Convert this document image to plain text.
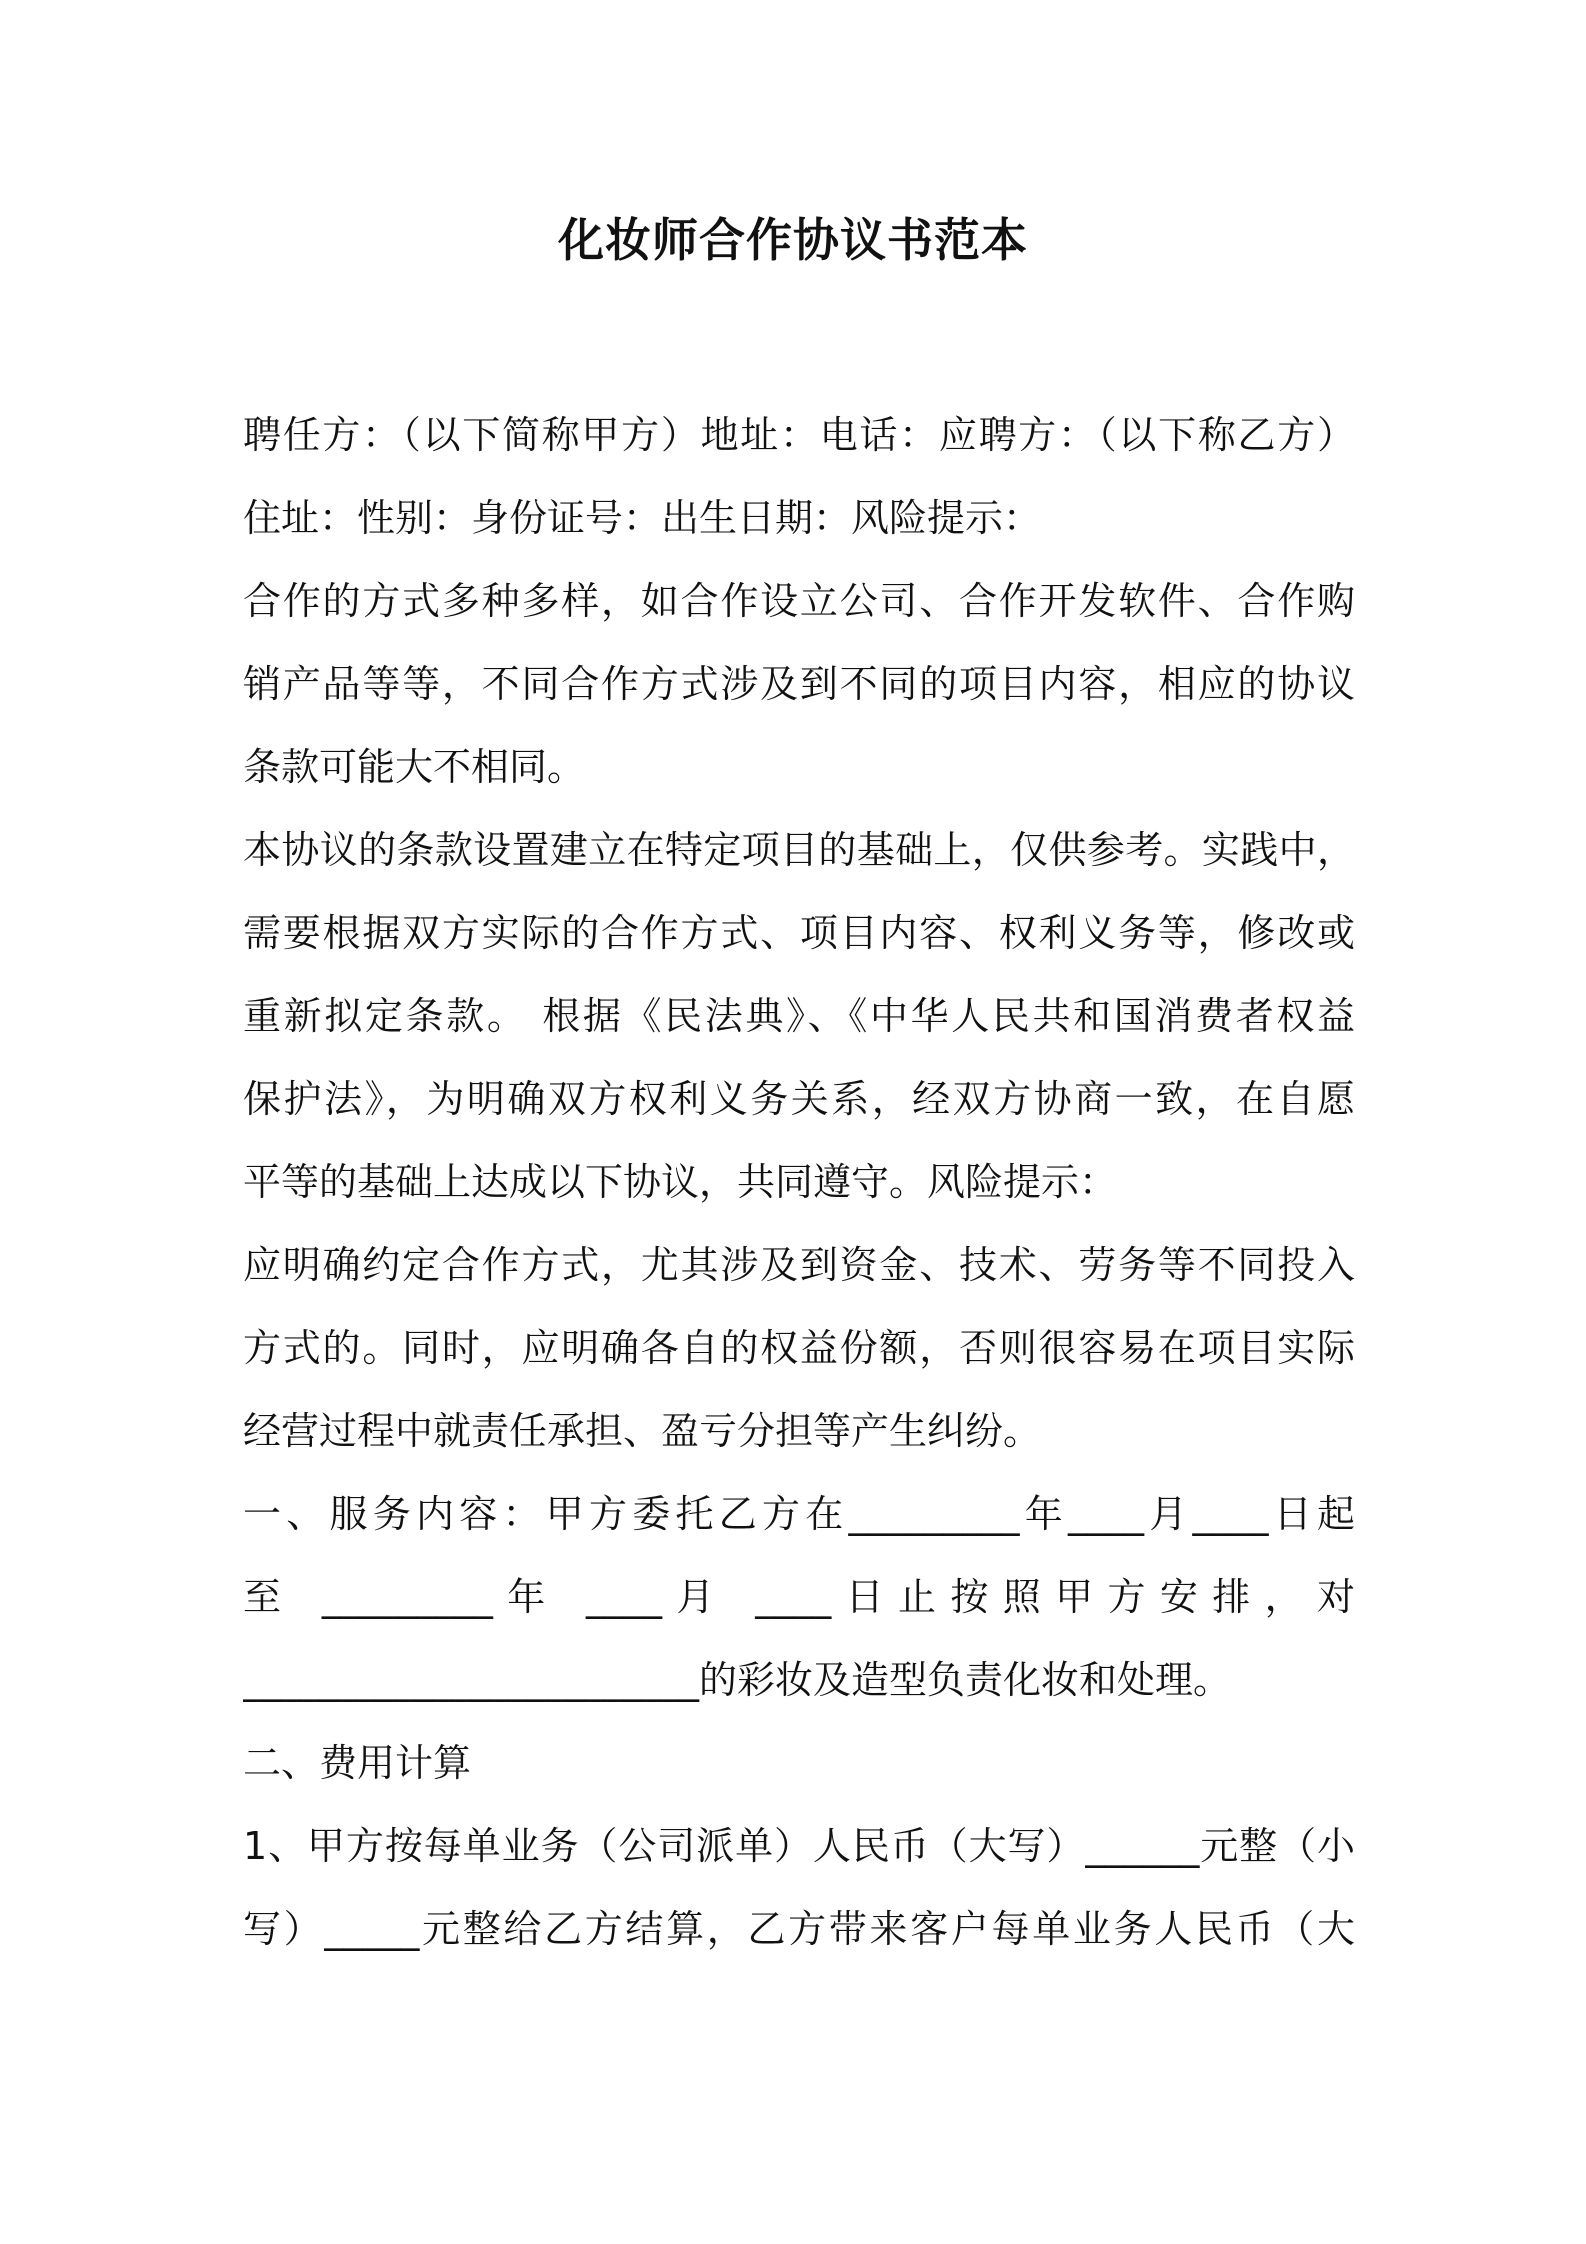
化妆师合作协议书范本
聘任方：（以下简称甲方）地址：电话：应聘方：（以下称乙方）
住址：性别：身份证号：出生日期：风险提示：
合作的方式多种多样，如合作设立公司、合作开发软件、合作购
销产品等等，不同合作方式涉及到不同的项目内容，相应的协议
条款可能大不相同。
本协议的条款设置建立在特定项目的基础上，仅供参考。实践中，
需要根据双方实际的合作方式、项目内容、权利义务等，修改或
重新拟定条款。 根据《民法典》、《中华人民共和国消费者权益
保护法》，为明确双方权利义务关系，经双方协商一致，在自愿
平等的基础上达成以下协议，共同遵守。风险提示：
应明确约定合作方式，尤其涉及到资金、技术、劳务等不同投入
方式的。同时，应明确各自的权益份额，否则很容易在项目实际
经营过程中就责任承担、盈亏分担等产生纠纷。
一、服务内容：甲方委托乙方在_________年____月____日起
至 _________年 ____月 ____日止按照甲方安排，对
________________________的彩妆及造型负责化妆和处理。
二、费用计算
1、甲方按每单业务（公司派单）人民币（大写）______元整（小
写）_____元整给乙方结算，乙方带来客户每单业务人民币（大
